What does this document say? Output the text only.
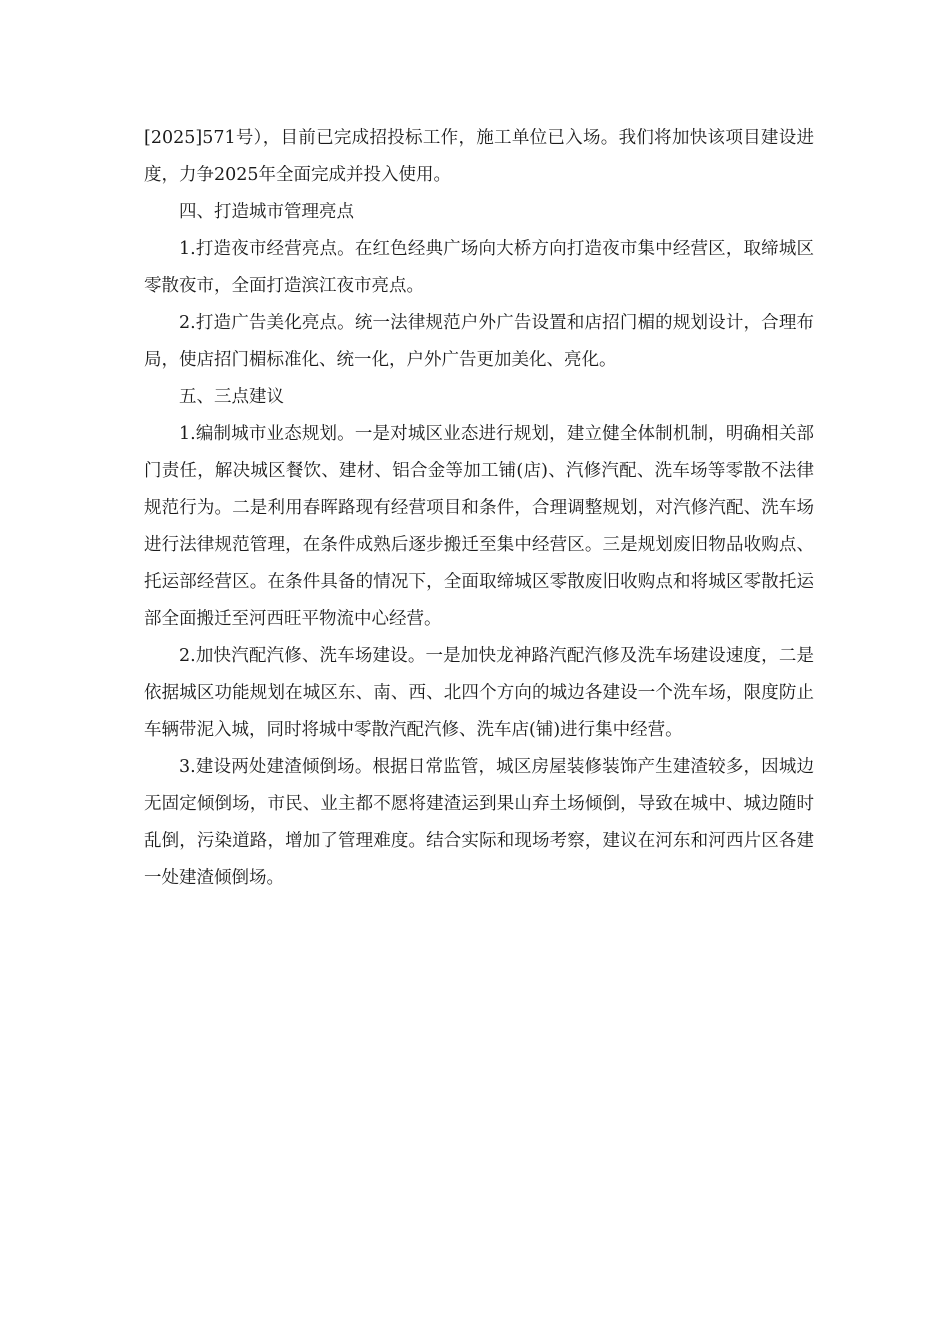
[2025]571号），目前已完成招投标工作，施工单位已入场。我们将加快该项目建设进度，力争2025年全面完成并投入使用。

四、打造城市管理亮点

1.打造夜市经营亮点。在红色经典广场向大桥方向打造夜市集中经营区，取缔城区零散夜市，全面打造滨江夜市亮点。

2.打造广告美化亮点。统一法律规范户外广告设置和店招门楣的规划设计，合理布局，使店招门楣标准化、统一化，户外广告更加美化、亮化。

五、三点建议

1.编制城市业态规划。一是对城区业态进行规划，建立健全体制机制，明确相关部门责任，解决城区餐饮、建材、铝合金等加工铺(店)、汽修汽配、洗车场等零散不法律规范行为。二是利用春晖路现有经营项目和条件，合理调整规划，对汽修汽配、洗车场进行法律规范管理，在条件成熟后逐步搬迁至集中经营区。三是规划废旧物品收购点、托运部经营区。在条件具备的情况下，全面取缔城区零散废旧收购点和将城区零散托运部全面搬迁至河西旺平物流中心经营。

2.加快汽配汽修、洗车场建设。一是加快龙神路汽配汽修及洗车场建设速度，二是依据城区功能规划在城区东、南、西、北四个方向的城边各建设一个洗车场，限度防止车辆带泥入城，同时将城中零散汽配汽修、洗车店(铺)进行集中经营。

3.建设两处建渣倾倒场。根据日常监管，城区房屋装修装饰产生建渣较多，因城边无固定倾倒场，市民、业主都不愿将建渣运到果山弃土场倾倒，导致在城中、城边随时乱倒，污染道路，增加了管理难度。结合实际和现场考察，建议在河东和河西片区各建一处建渣倾倒场。
